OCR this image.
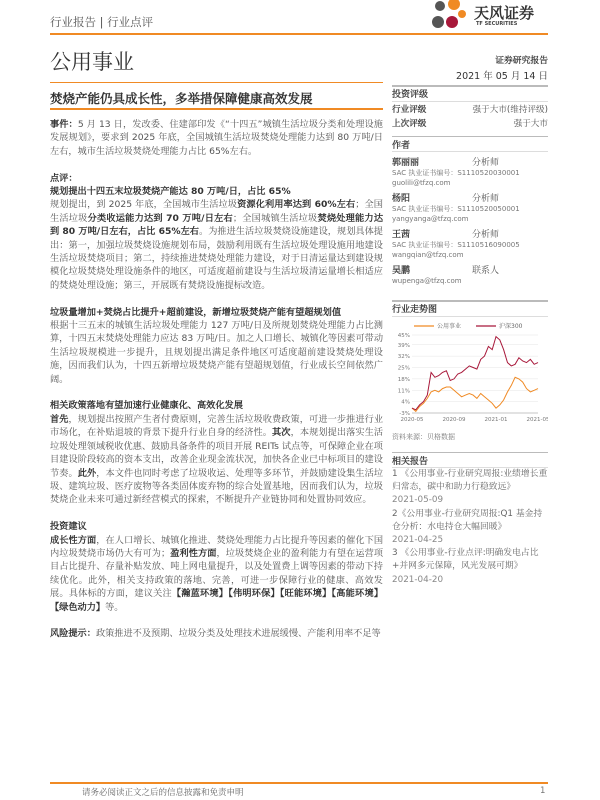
行业报告 | 行业点评	天风证券
TF SECURITIES
公用事业
焚烧产能仍具成长性，多举措保障健康高效发展

事件：5 月 13 日，发改委、住建部印发《“十四五”城镇生活垃圾分类和处理设施发展规划》，要求到 2025 年底，全国城镇生活垃圾焚烧处理能力达到 80 万吨/日左右，城市生活垃圾焚烧处理能力占比 65%左右。

点评：
规划提出十四五末垃圾焚烧产能达 80 万吨/日，占比 65%

规划提出，到 2025 年底，全国城市生活垃圾资源化利用率达到 60%左右；全国生活垃圾分类收运能力达到 70 万吨/日左右；全国城镇生活垃圾焚烧处理能力达到 80 万吨/日左右，占比 65%左右。为推进生活垃圾焚烧设施建设，规划具体提出：第一，加强垃圾焚烧设施规划布局，鼓励利用既有生活垃圾处理设施用地建设生活垃圾焚烧项目；第二，持续推进焚烧处理能力建设，对于日清运量达到建设规模化垃圾焚烧处理设施条件的地区，可适度超前建设与生活垃圾清运量增长相适应的焚烧处理设施；第三，开展既有焚烧设施提标改造。

垃圾量增加+焚烧占比提升+超前建设，新增垃圾焚烧产能有望超规划值

根据十三五末的城镇生活垃圾处理能力 127 万吨/日及所规划焚烧处理能力占比测算，十四五末焚烧处理能力应达 83 万吨/日。加之人口增长、城镇化等因素可带动生活垃圾规模进一步提升，且规划提出满足条件地区可适度超前建设焚烧处理设施，因而我们认为，十四五新增垃圾焚烧产能有望超规划值，行业成长空间依然广阔。

相关政策落地有望加速行业健康化、高效化发展

首先，规划提出按照产生者付费原则，完善生活垃圾收费政策，可进一步推进行业市场化，在补贴退坡的背景下提升行业自身的经济性。其次，本规划提出落实生活垃圾处理领域税收优惠、鼓励具备条件的项目开展 REITs 试点等，可保障企业在项目建设阶段较高的资本支出，改善企业现金流状况，加快各企业已中标项目的建设节奏。此外，本文件也同时考虑了垃圾收运、处理等多环节，并鼓励建设集生活垃圾、建筑垃圾、医疗废物等各类固体废弃物的综合处置基地，因而我们认为，垃圾焚烧企业未来可通过新经营模式的探索，不断提升产业链协同和处置协同效应。

投资建议

成长性方面，在人口增长、城镇化推进、焚烧处理能力占比提升等因素的催化下国内垃圾焚烧市场仍大有可为；盈利性方面，垃圾焚烧企业的盈利能力有望在运营项目占比提升、存量补贴发放、吨上网电量提升，以及处置费上调等因素的带动下持续优化。此外，相关支持政策的落地、完善，可进一步保障行业的健康、高效发展。具体标的方面，建议关注【瀚蓝环境】【伟明环保】【旺能环境】【高能环境】【绿色动力】等。

风险提示：政策推进不及预期、垃圾分类及处理技术进展缓慢、产能利用率不足等

证券研究报告
2021 年 05 月 14 日
投资评级
行业评级	强于大市(维持评级)
上次评级	强于大市
作者
郭丽丽	分析师
SAC 执业证书编号：S1110520030001
guolili@tfzq.com
杨阳	分析师
SAC 执业证书编号：S1110520050001
yangyanga@tfzq.com
王茜	分析师
SAC 执业证书编号：S1110516090005
wangqian@tfzq.com
吴鹏	联系人
wupenga@tfzq.com
行业走势图
-3%
4%
11%
18%
25%
32%
39%
45%
2020-05	2020-09	2021-01	2021-05
公用事业	沪深300
资料来源：贝格数据
相关报告
1 《公用事业-行业研究周报:业绩增长重归常态，碳中和助力行稳致远》
2021-05-09
2《公用事业-行业研究周报:Q1 基金持仓分析：水电持仓大幅回暖》
2021-04-25
3 《公用事业-行业点评:明确发电占比+并网多元保障，风光发展可期》
2021-04-20
请务必阅读正文之后的信息披露和免责申明	1
